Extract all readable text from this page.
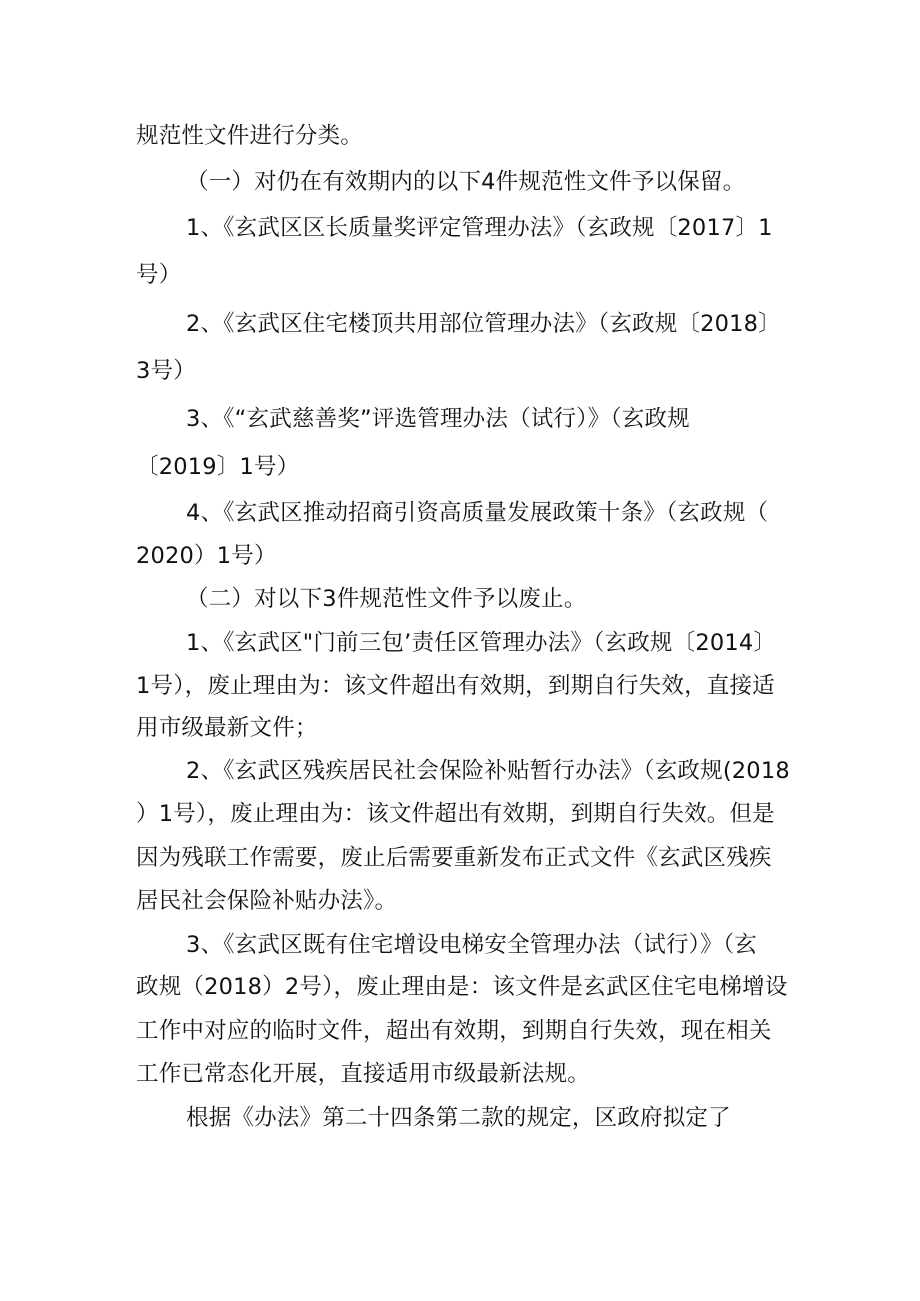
规范性文件进行分类。
（一）对仍在有效期内的以下4件规范性文件予以保留。
1、《玄武区区长质量奖评定管理办法》（玄政规〔2017〕1
号）
2、《玄武区住宅楼顶共用部位管理办法》（玄政规〔2018〕
3号）
3、《“玄武慈善奖”评选管理办法（试行）》（玄政规
〔2019〕1号）
4、《玄武区推动招商引资高质量发展政策十条》（玄政规（
2020）1号）
（二）对以下3件规范性文件予以废止。
1、《玄武区"门前三包’责任区管理办法》（玄政规〔2014〕
1号），废止理由为：该文件超出有效期，到期自行失效，直接适
用市级最新文件；
2、《玄武区残疾居民社会保险补贴暂行办法》（玄政规(2018
）1号），废止理由为：该文件超出有效期，到期自行失效。但是
因为残联工作需要，废止后需要重新发布正式文件《玄武区残疾
居民社会保险补贴办法》。
3、《玄武区既有住宅增设电梯安全管理办法（试行）》（玄
政规（2018）2号），废止理由是：该文件是玄武区住宅电梯增设
工作中对应的临时文件，超出有效期，到期自行失效，现在相关
工作已常态化开展，直接适用市级最新法规。
根据《办法》第二十四条第二款的规定，区政府拟定了
